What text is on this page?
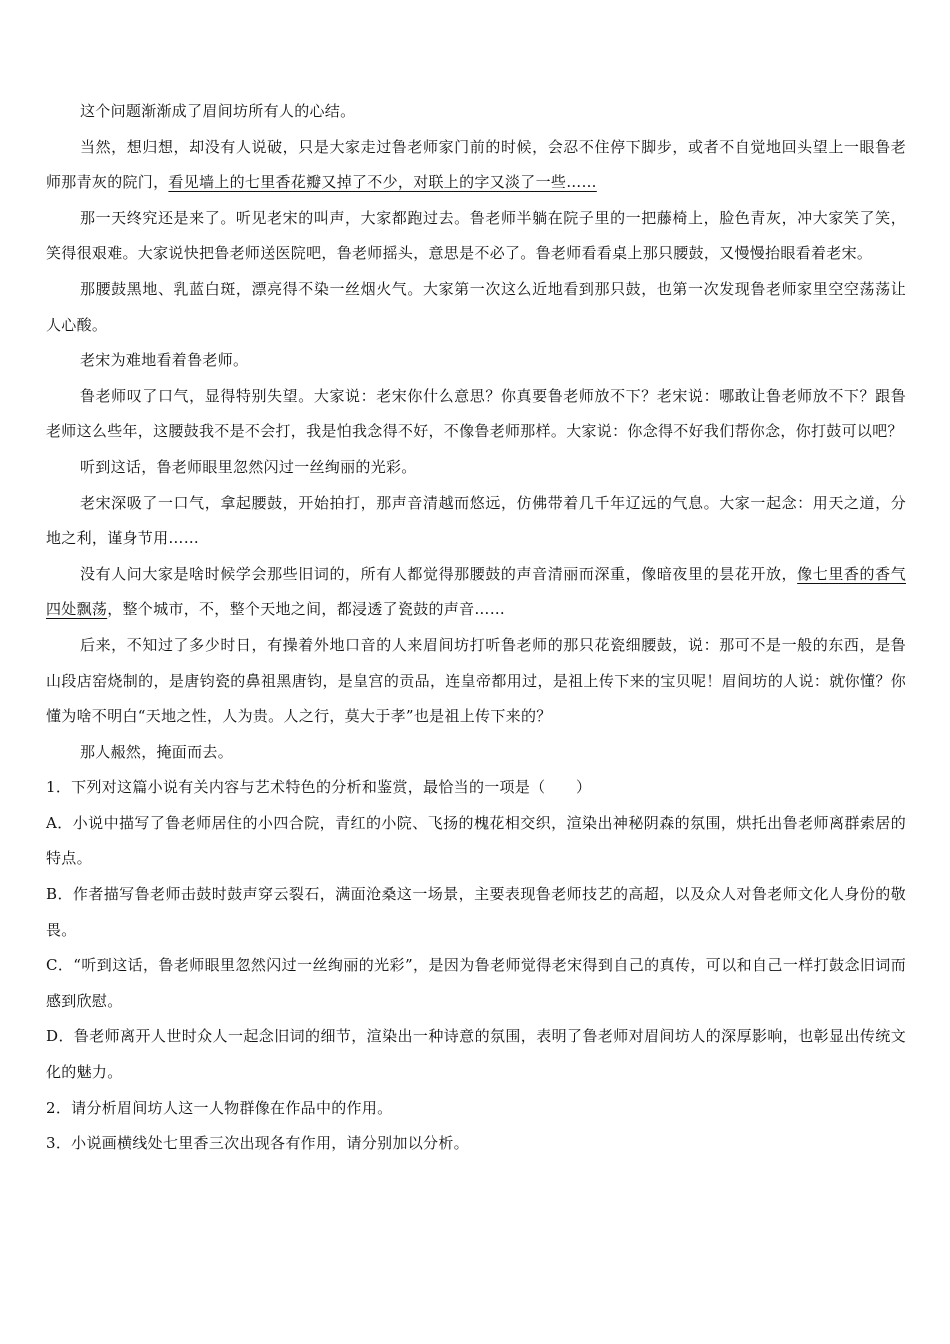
这个问题渐渐成了眉间坊所有人的心结。

当然，想归想，却没有人说破，只是大家走过鲁老师家门前的时候，会忍不住停下脚步，或者不自觉地回头望上一眼鲁老师那青灰的院门，看见墙上的七里香花瓣又掉了不少，对联上的字又淡了一些……

那一天终究还是来了。听见老宋的叫声，大家都跑过去。鲁老师半躺在院子里的一把藤椅上，脸色青灰，冲大家笑了笑，笑得很艰难。大家说快把鲁老师送医院吧，鲁老师摇头，意思是不必了。鲁老师看看桌上那只腰鼓，又慢慢抬眼看着老宋。

那腰鼓黑地、乳蓝白斑，漂亮得不染一丝烟火气。大家第一次这么近地看到那只鼓，也第一次发现鲁老师家里空空荡荡让人心酸。

老宋为难地看着鲁老师。

鲁老师叹了口气，显得特别失望。大家说：老宋你什么意思？你真要鲁老师放不下？老宋说：哪敢让鲁老师放不下？跟鲁老师这么些年，这腰鼓我不是不会打，我是怕我念得不好，不像鲁老师那样。大家说：你念得不好我们帮你念，你打鼓可以吧？

听到这话，鲁老师眼里忽然闪过一丝绚丽的光彩。

老宋深吸了一口气，拿起腰鼓，开始拍打，那声音清越而悠远，仿佛带着几千年辽远的气息。大家一起念：用天之道，分地之利，谨身节用……

没有人问大家是啥时候学会那些旧词的，所有人都觉得那腰鼓的声音清丽而深重，像暗夜里的昙花开放，像七里香的香气四处飘荡，整个城市，不，整个天地之间，都浸透了瓷鼓的声音……

后来，不知过了多少时日，有操着外地口音的人来眉间坊打听鲁老师的那只花瓷细腰鼓，说：那可不是一般的东西，是鲁山段店窑烧制的，是唐钧瓷的鼻祖黑唐钧，是皇宫的贡品，连皇帝都用过，是祖上传下来的宝贝呢！眉间坊的人说：就你懂？你懂为啥不明白“天地之性，人为贵。人之行，莫大于孝”也是祖上传下来的？

那人赧然，掩面而去。

1．下列对这篇小说有关内容与艺术特色的分析和鉴赏，最恰当的一项是（　　）

A．小说中描写了鲁老师居住的小四合院，青红的小院、飞扬的槐花相交织，渲染出神秘阴森的氛围，烘托出鲁老师离群索居的特点。

B．作者描写鲁老师击鼓时鼓声穿云裂石，满面沧桑这一场景，主要表现鲁老师技艺的高超，以及众人对鲁老师文化人身份的敬畏。

C．“听到这话，鲁老师眼里忽然闪过一丝绚丽的光彩”，是因为鲁老师觉得老宋得到自己的真传，可以和自己一样打鼓念旧词而感到欣慰。

D．鲁老师离开人世时众人一起念旧词的细节，渲染出一种诗意的氛围，表明了鲁老师对眉间坊人的深厚影响，也彰显出传统文化的魅力。

2．请分析眉间坊人这一人物群像在作品中的作用。

3．小说画横线处七里香三次出现各有作用，请分别加以分析。
